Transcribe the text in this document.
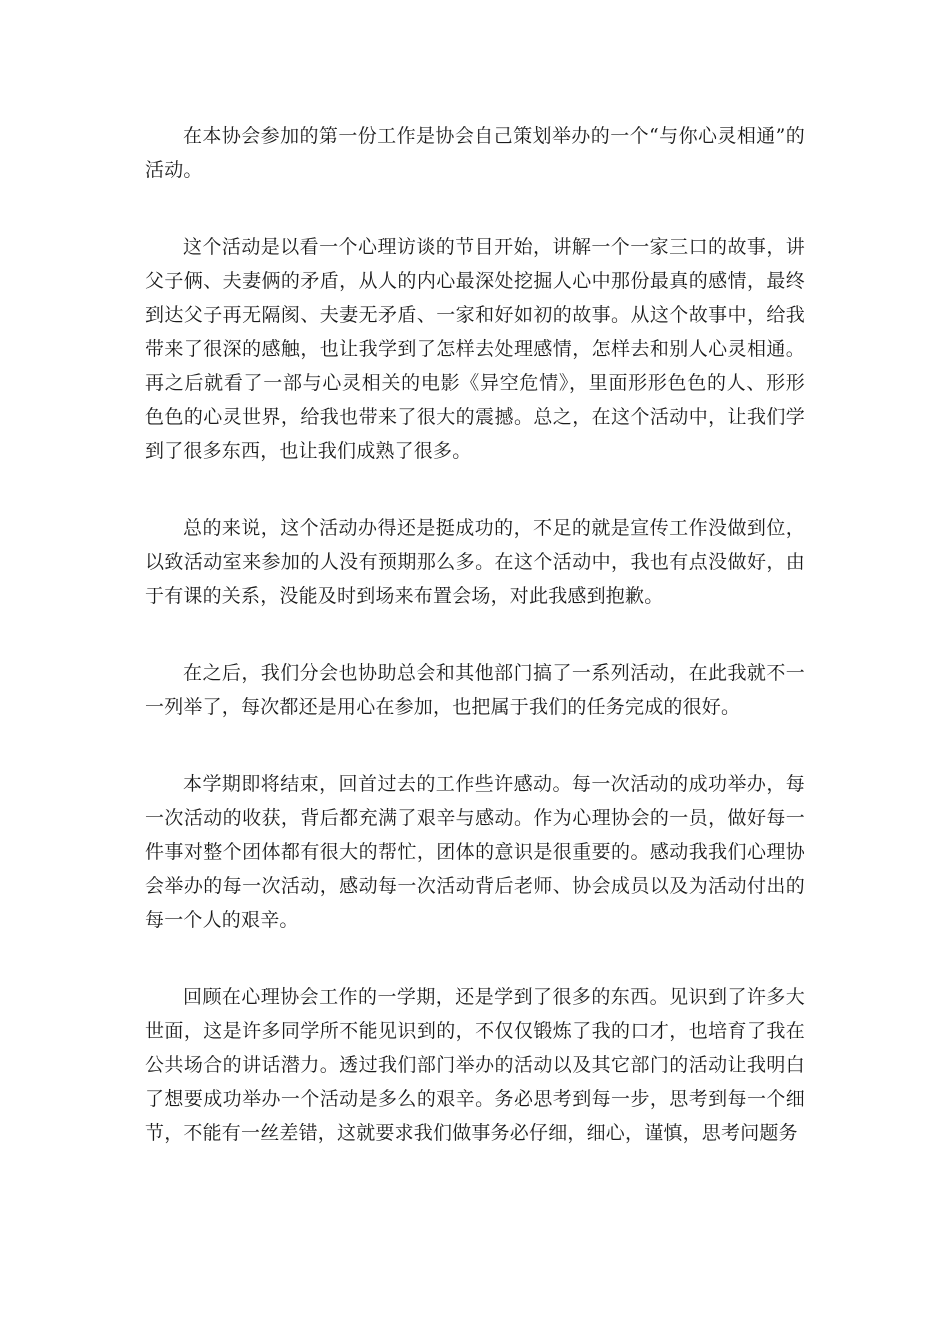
在本协会参加的第一份工作是协会自己策划举办的一个“与你心灵相通”的活动。

这个活动是以看一个心理访谈的节目开始，讲解一个一家三口的故事，讲父子俩、夫妻俩的矛盾，从人的内心最深处挖掘人心中那份最真的感情，最终到达父子再无隔阂、夫妻无矛盾、一家和好如初的故事。从这个故事中，给我带来了很深的感触，也让我学到了怎样去处理感情，怎样去和别人心灵相通。再之后就看了一部与心灵相关的电影《异空危情》，里面形形色色的人、形形色色的心灵世界，给我也带来了很大的震撼。总之，在这个活动中，让我们学到了很多东西，也让我们成熟了很多。

总的来说，这个活动办得还是挺成功的，不足的就是宣传工作没做到位，以致活动室来参加的人没有预期那么多。在这个活动中，我也有点没做好，由于有课的关系，没能及时到场来布置会场，对此我感到抱歉。

在之后，我们分会也协助总会和其他部门搞了一系列活动，在此我就不一一列举了，每次都还是用心在参加，也把属于我们的任务完成的很好。

本学期即将结束，回首过去的工作些许感动。每一次活动的成功举办，每一次活动的收获，背后都充满了艰辛与感动。作为心理协会的一员，做好每一件事对整个团体都有很大的帮忙，团体的意识是很重要的。感动我我们心理协会举办的每一次活动，感动每一次活动背后老师、协会成员以及为活动付出的每一个人的艰辛。

回顾在心理协会工作的一学期，还是学到了很多的东西。见识到了许多大世面，这是许多同学所不能见识到的，不仅仅锻炼了我的口才，也培育了我在公共场合的讲话潜力。透过我们部门举办的活动以及其它部门的活动让我明白了想要成功举办一个活动是多么的艰辛。务必思考到每一步，思考到每一个细节，不能有一丝差错，这就要求我们做事务必仔细，细心，谨慎，思考问题务
